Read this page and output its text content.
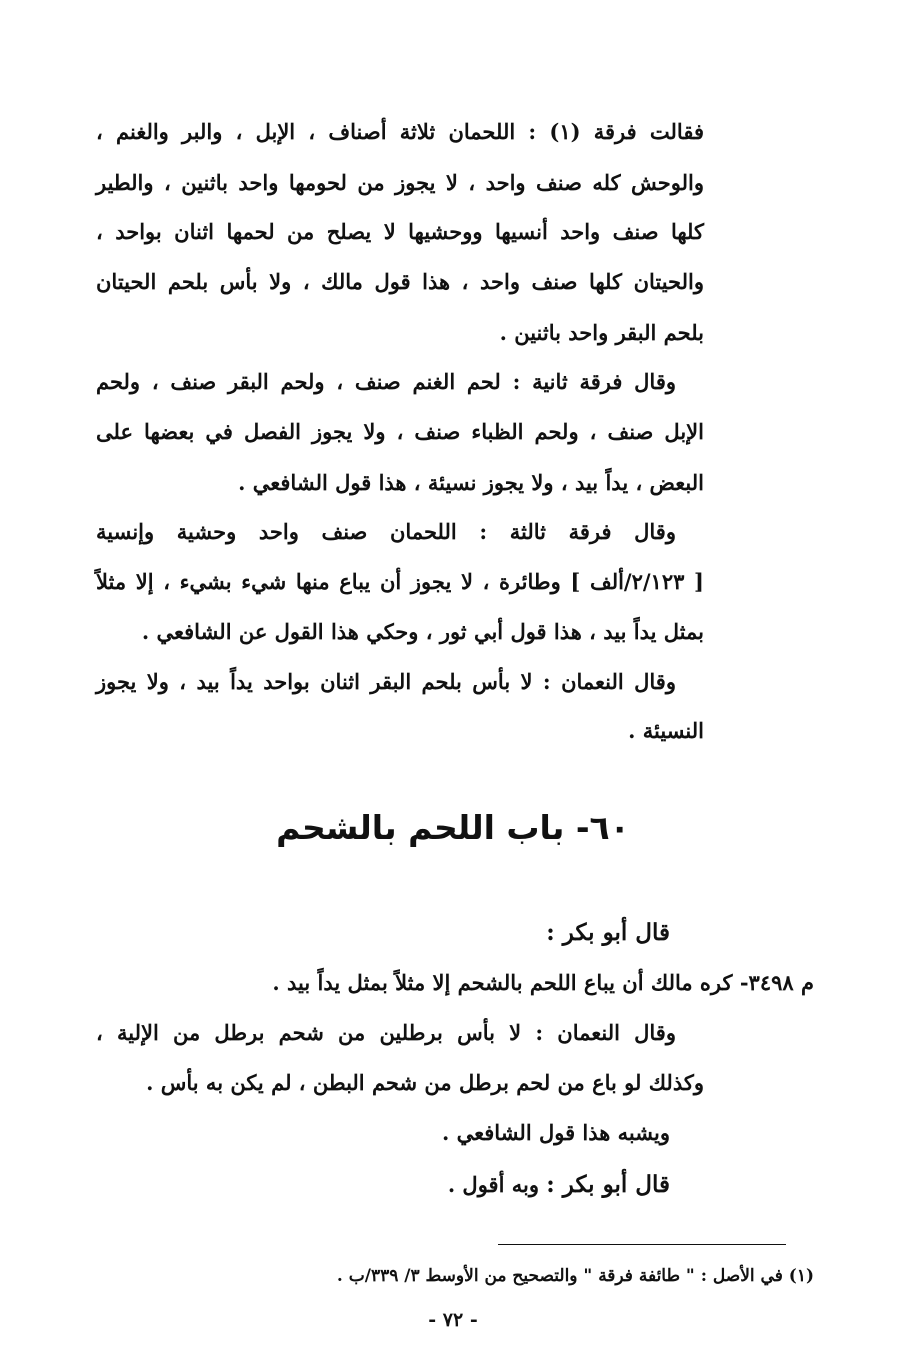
فقالت فرقة (١) : اللحمان ثلاثة أصناف ، الإبل ، والبر والغنم ،
والوحش كله صنف واحد ، لا يجوز من لحومها واحد باثنين ، والطير
كلها صنف واحد أنسيها ووحشيها لا يصلح من لحمها اثنان بواحد ،
والحيتان كلها صنف واحد ، هذا قول مالك ، ولا بأس بلحم الحيتان
بلحم البقر واحد باثنين .
وقال فرقة ثانية : لحم الغنم صنف ، ولحم البقر صنف ، ولحم
الإبل صنف ، ولحم الظباء صنف ، ولا يجوز الفصل في بعضها على
البعض ، يداً بيد ، ولا يجوز نسيئة ، هذا قول الشافعي .
وقال فرقة ثالثة : اللحمان صنف واحد وحشية وإنسية
[ ٢/١٢٣/ألف ] وطائرة ، لا يجوز أن يباع منها شيء بشيء ، إلا مثلاً
بمثل يداً بيد ، هذا قول أبي ثور ، وحكي هذا القول عن الشافعي .
وقال النعمان : لا بأس بلحم البقر اثنان بواحد يداً بيد ، ولا يجوز
النسيئة .
٦٠- باب اللحم بالشحم
قال أبو بكر :
م ٣٤٩٨- كره مالك أن يباع اللحم بالشحم إلا مثلاً بمثل يداً بيد .
وقال النعمان : لا بأس برطلين من شحم برطل من الإلية ،
وكذلك لو باع من لحم برطل من شحم البطن ، لم يكن به بأس .
ويشبه هذا قول الشافعي .
قال أبو بكر : وبه أقول .
(١) في الأصل : " طائفة فرقة " والتصحيح من الأوسط ٣/ ٣٣٩/ب .
- ٧٢ -
